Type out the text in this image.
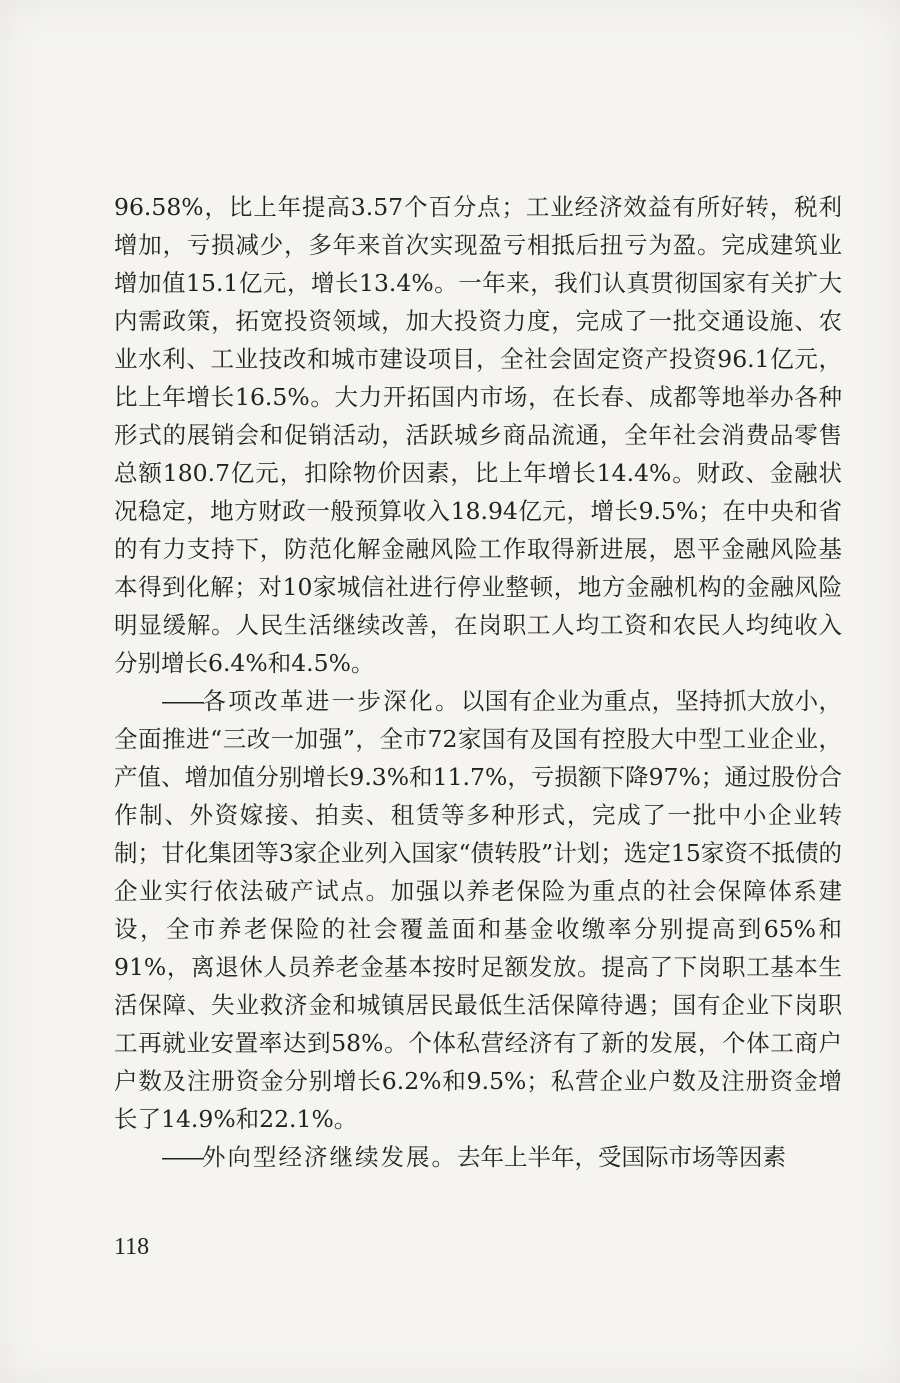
96.58%，比上年提高3.57个百分点；工业经济效益有所好转，税利增加，亏损减少，多年来首次实现盈亏相抵后扭亏为盈。完成建筑业增加值15.1亿元，增长13.4%。一年来，我们认真贯彻国家有关扩大内需政策，拓宽投资领域，加大投资力度，完成了一批交通设施、农业水利、工业技改和城市建设项目，全社会固定资产投资96.1亿元，比上年增长16.5%。大力开拓国内市场，在长春、成都等地举办各种形式的展销会和促销活动，活跃城乡商品流通，全年社会消费品零售总额180.7亿元，扣除物价因素，比上年增长14.4%。财政、金融状况稳定，地方财政一般预算收入18.94亿元，增长9.5%；在中央和省的有力支持下，防范化解金融风险工作取得新进展，恩平金融风险基本得到化解；对10家城信社进行停业整顿，地方金融机构的金融风险明显缓解。人民生活继续改善，在岗职工人均工资和农民人均纯收入分别增长6.4%和4.5%。

——各项改革进一步深化。以国有企业为重点，坚持抓大放小，全面推进“三改一加强”，全市72家国有及国有控股大中型工业企业，产值、增加值分别增长9.3%和11.7%，亏损额下降97%；通过股份合作制、外资嫁接、拍卖、租赁等多种形式，完成了一批中小企业转制；甘化集团等3家企业列入国家“债转股”计划；选定15家资不抵债的企业实行依法破产试点。加强以养老保险为重点的社会保障体系建设，全市养老保险的社会覆盖面和基金收缴率分别提高到65%和91%，离退休人员养老金基本按时足额发放。提高了下岗职工基本生活保障、失业救济金和城镇居民最低生活保障待遇；国有企业下岗职工再就业安置率达到58%。个体私营经济有了新的发展，个体工商户户数及注册资金分别增长6.2%和9.5%；私营企业户数及注册资金增长了14.9%和22.1%。

——外向型经济继续发展。去年上半年，受国际市场等因素

118
